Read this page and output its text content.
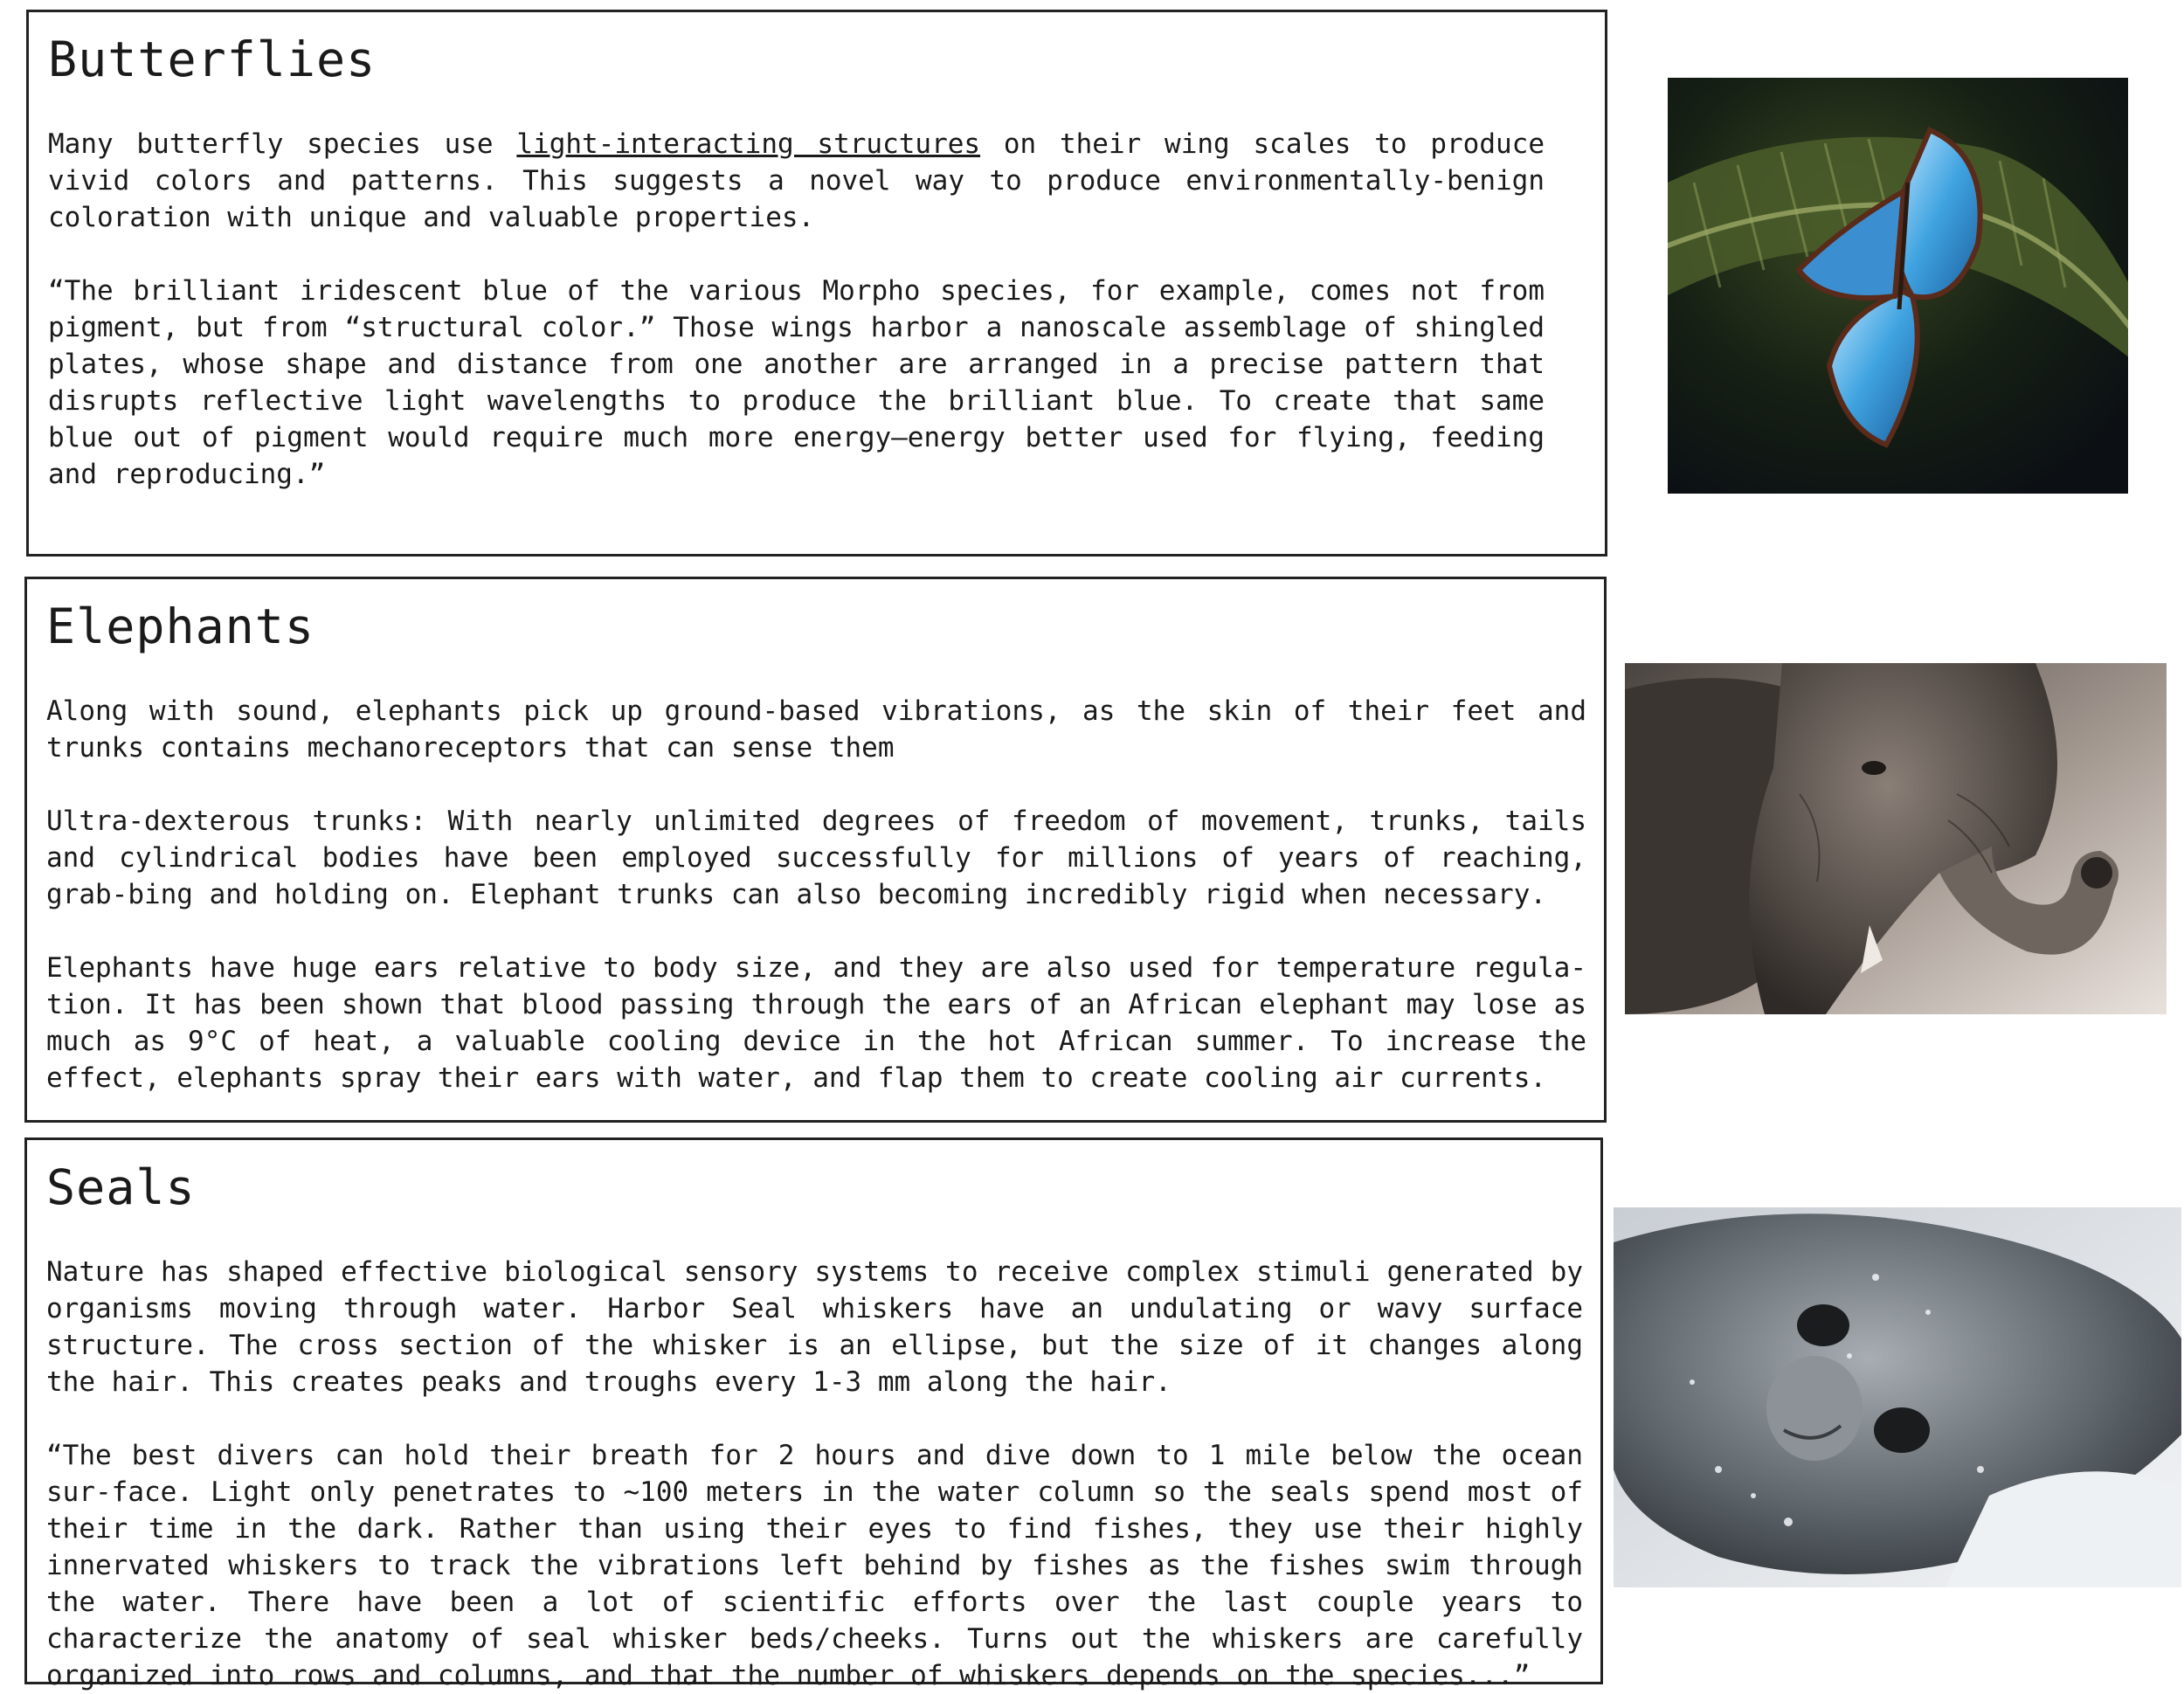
Butterflies

Many butterfly species use light-interacting structures on their wing scales to produce vivid colors and patterns. This suggests a novel way to produce environmentally-benign coloration with unique and valuable properties.

“The brilliant iridescent blue of the various Morpho species, for example, comes not from pigment, but from “structural color.” Those wings harbor a nanoscale assemblage of shingled plates, whose shape and distance from one another are arranged in a precise pattern that disrupts reflective light wavelengths to produce the brilliant blue. To create that same blue out of pigment would require much more energy—energy better used for flying, feeding and reproducing.”

Elephants

Along with sound, elephants pick up ground-based vibrations, as the skin of their feet and trunks contains mechanoreceptors that can sense them

Ultra-dexterous trunks: With nearly unlimited degrees of freedom of movement, trunks, tails and cylindrical bodies have been employed successfully for millions of years of reaching, grab-bing and holding on. Elephant trunks can also becoming incredibly rigid when necessary.

Elephants have huge ears relative to body size, and they are also used for temperature regula-tion. It has been shown that blood passing through the ears of an African elephant may lose as much as 9°C of heat, a valuable cooling device in the hot African summer. To increase the effect, elephants spray their ears with water, and flap them to create cooling air currents.

Seals

Nature has shaped effective biological sensory systems to receive complex stimuli generated by organisms moving through water. Harbor Seal whiskers have an undulating or wavy surface structure. The cross section of the whisker is an ellipse, but the size of it changes along the hair. This creates peaks and troughs every 1-3 mm along the hair.

“The best divers can hold their breath for 2 hours and dive down to 1 mile below the ocean sur-face. Light only penetrates to ~100 meters in the water column so the seals spend most of their time in the dark. Rather than using their eyes to find fishes, they use their highly innervated whiskers to track the vibrations left behind by fishes as the fishes swim through the water. There have been a lot of scientific efforts over the last couple years to characterize the anatomy of seal whisker beds/cheeks. Turns out the whiskers are carefully organized into rows and columns, and that the number of whiskers depends on the species...”
